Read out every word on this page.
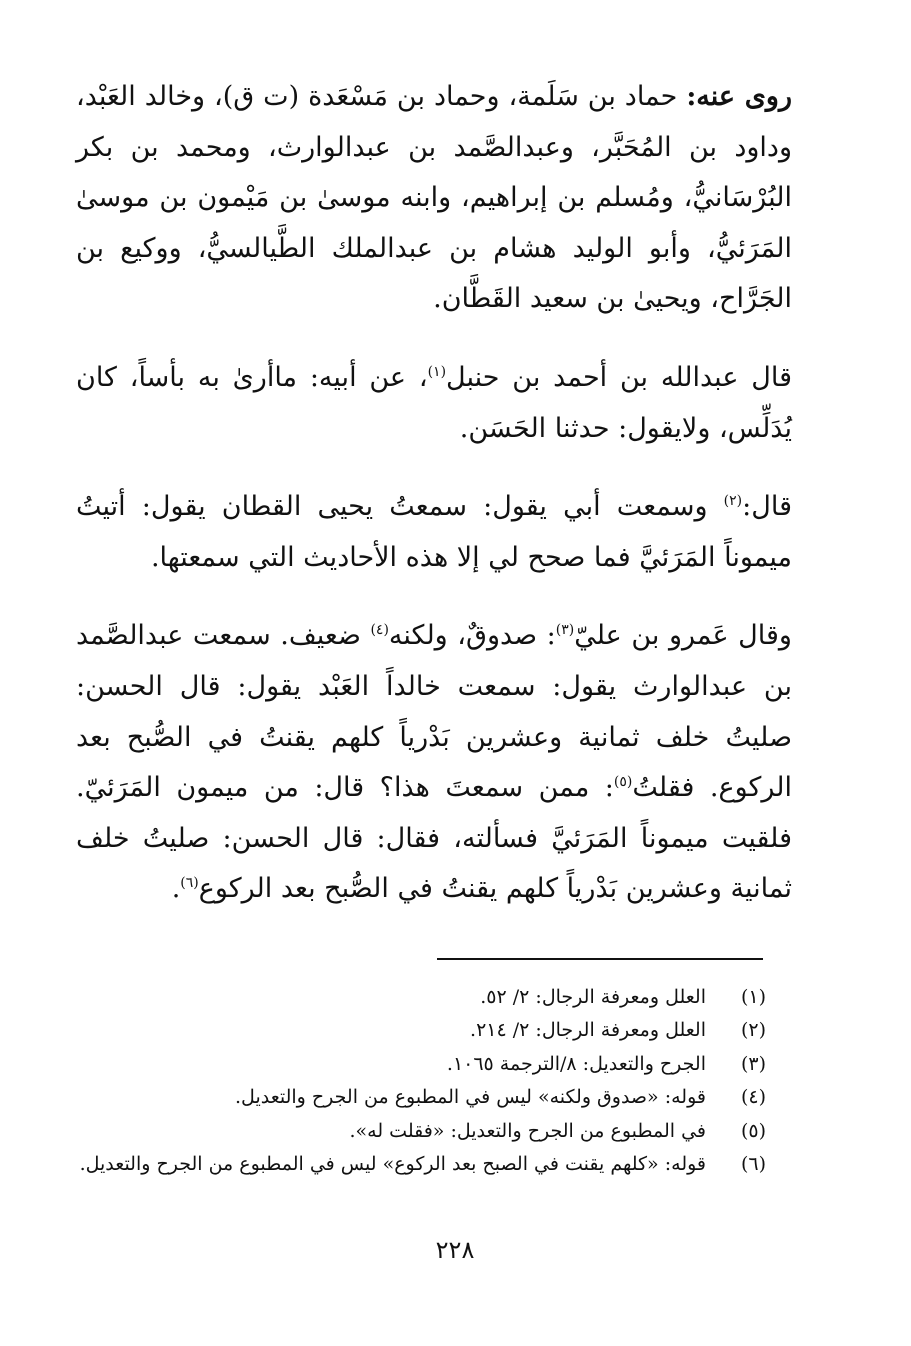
روى عنه: حماد بن سَلَمة، وحماد بن مَسْعَدة (ت ق)، وخالد العَبْد، وداود بن المُحَبَّر، وعبدالصَّمد بن عبدالوارث، ومحمد بن بكر البُرْسَانيُّ، ومُسلم بن إبراهيم، وابنه موسىٰ بن مَيْمون بن موسىٰ المَرَئيُّ، وأبو الوليد هشام بن عبدالملك الطَّيالسيُّ، ووكيع بن الجَرَّاح، ويحيىٰ بن سعيد القَطَّان.

قال عبدالله بن أحمد بن حنبل$^{(١)}$، عن أبيه: ماأرىٰ به بأساً، كان يُدَلِّس، ولايقول: حدثنا الحَسَن.

قال:$^{(٢)}$ وسمعت أبي يقول: سمعتُ يحيى القطان يقول: أتيتُ ميموناً المَرَئيَّ فما صحح لي إلا هذه الأحاديث التي سمعتها.

وقال عَمرو بن عليّ$^{(٣)}$: صدوقٌ، ولكنه$^{(٤)}$ ضعيف. سمعت عبدالصَّمد بن عبدالوارث يقول: سمعت خالداً العَبْد يقول: قال الحسن: صليتُ خلف ثمانية وعشرين بَدْرياً كلهم يقنتُ في الصُّبح بعد الركوع. فقلتُ$^{(٥)}$: ممن سمعتَ هذا؟ قال: من ميمون المَرَئيّ. فلقيت ميموناً المَرَئيَّ فسألته، فقال: قال الحسن: صليتُ خلف ثمانية وعشرين بَدْرياً كلهم يقنتُ في الصُّبح بعد الركوع$^{(٦)}$.

(١)
العلل ومعرفة الرجال: ٢/ ٥٢.
(٢)
العلل ومعرفة الرجال: ٢/ ٢١٤.
(٣)
الجرح والتعديل: ٨/الترجمة ١٠٦٥.
(٤)
قوله: «صدوق ولكنه» ليس في المطبوع من الجرح والتعديل.
(٥)
في المطبوع من الجرح والتعديل: «فقلت له».
(٦)
قوله: «كلهم يقنت في الصبح بعد الركوع» ليس في المطبوع من الجرح والتعديل.
٢٢٨
